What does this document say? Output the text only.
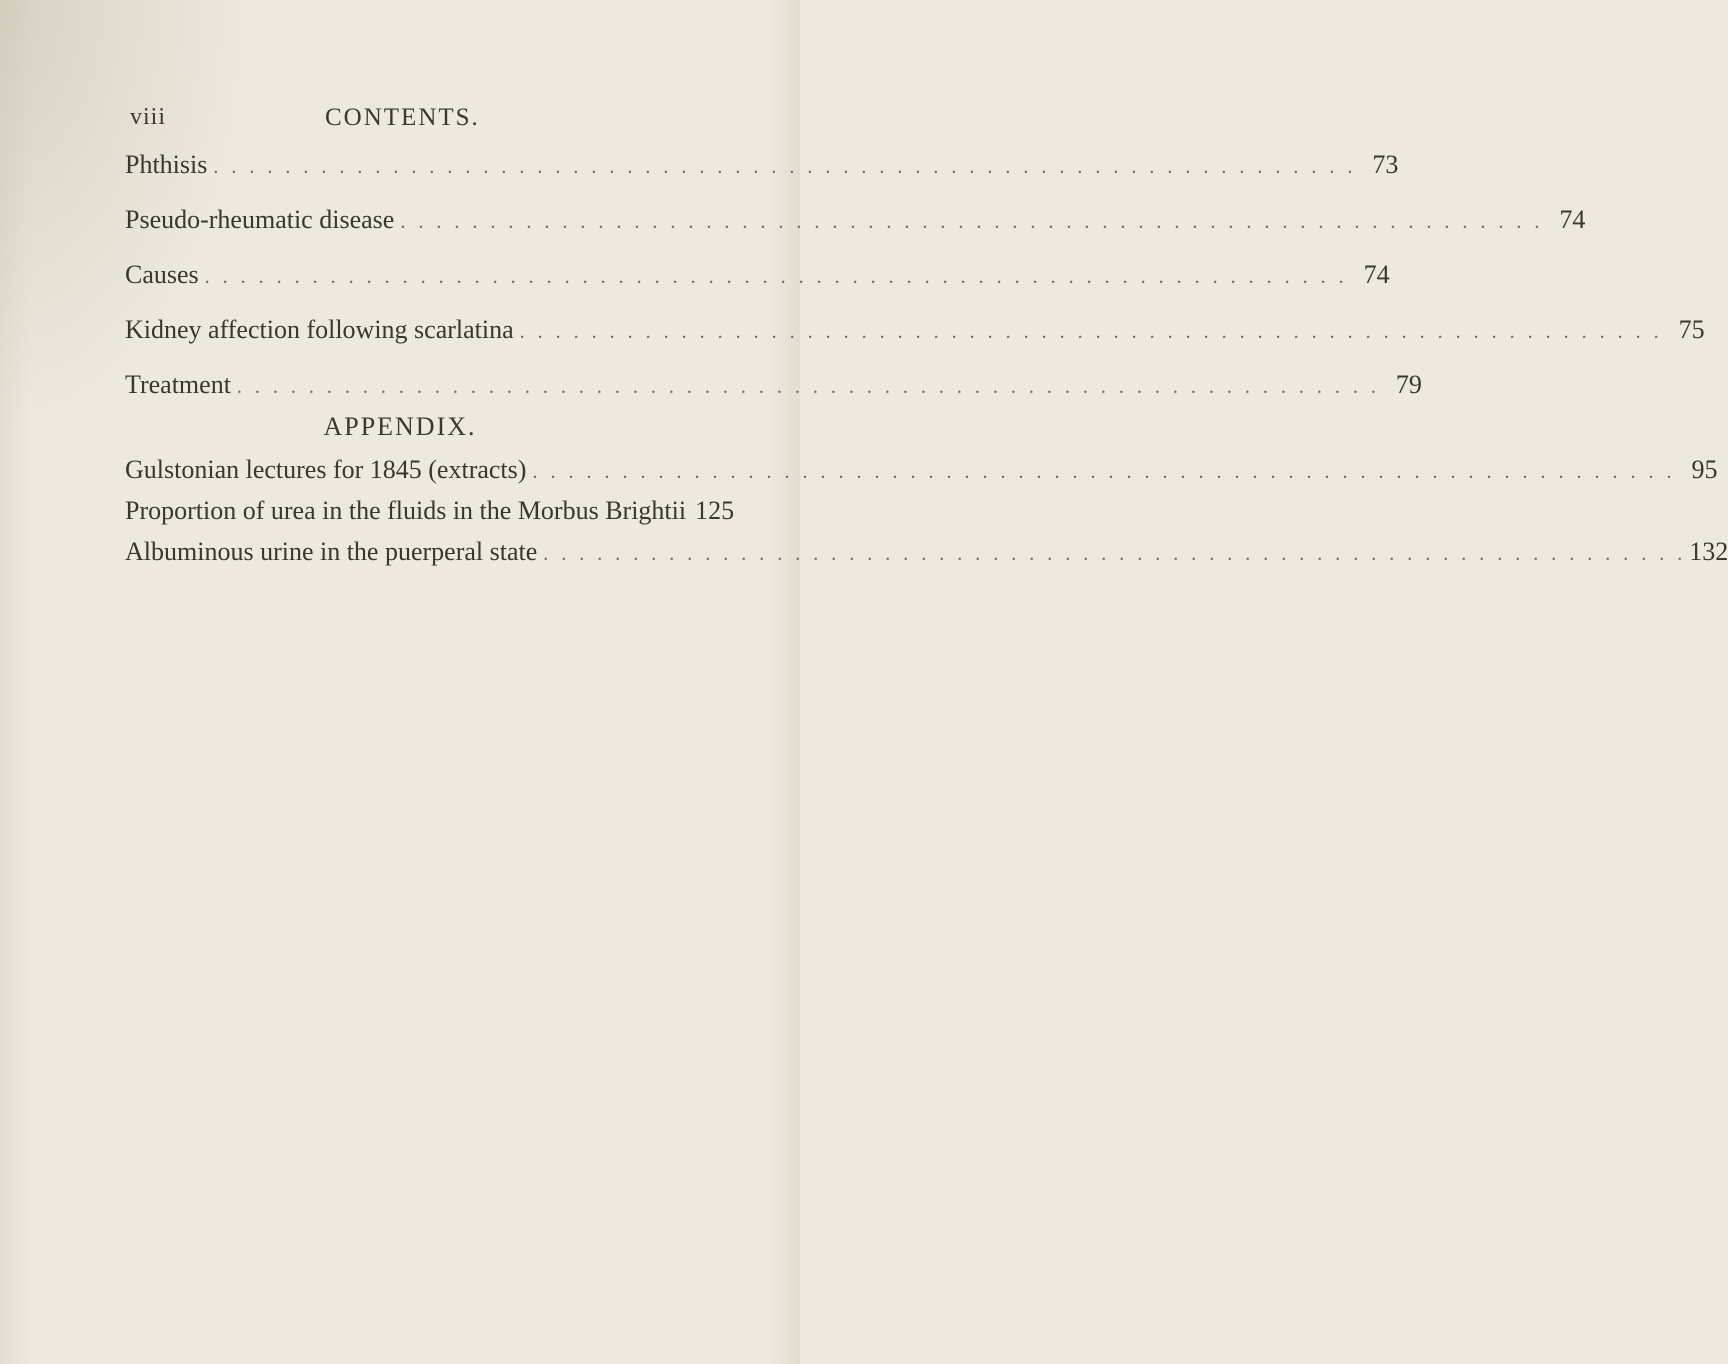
viii	CONTENTS.
Phthisis . . .	73
Pseudo-rheumatic disease . . .	74
Causes . . .	74
Kidney affection following scarlatina . . .	75
Treatment . . .	79
APPENDIX.
Gulstonian lectures for 1845 (extracts) . . .	95
Proportion of urea in the fluids in the Morbus Brightii 125
Albuminous urine in the puerperal state . . .	132
